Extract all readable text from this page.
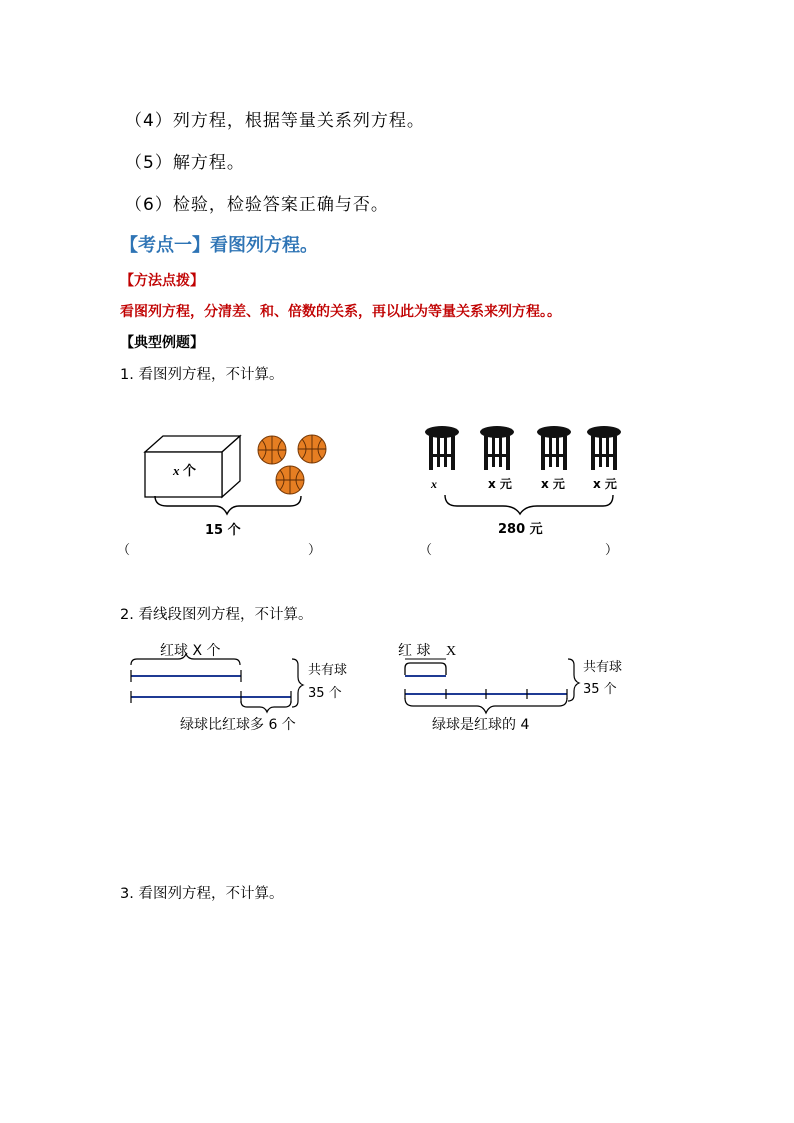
（4）列方程，根据等量关系列方程。
（5）解方程。
（6）检验，检验答案正确与否。
【考点一】看图列方程。
【方法点拨】
看图列方程，分清差、和、倍数的关系，再以此为等量关系来列方程。。
【典型例题】
1. 看图列方程，不计算。
x 个
15 个
（	）
x	x 元 x 元 x 元
280 元
（	）
2. 看线段图列方程，不计算。
红球 X 个
共有球
35 个
绿球比红球多 6 个
红 球 X
共有球
35 个
绿球是红球的 4
3. 看图列方程，不计算。
